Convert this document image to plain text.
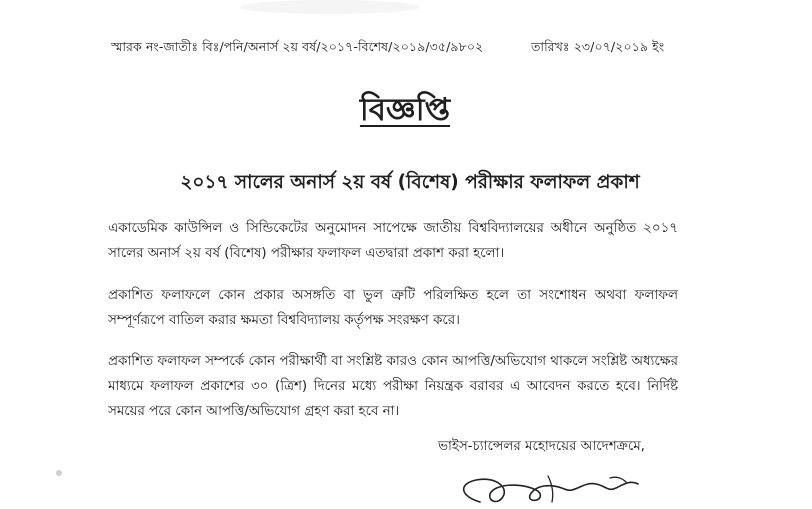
স্মারক নং-জাতীঃ বিঃ/পনি/অনার্স ২য় বর্ষ/২০১৭-বিশেষ/২০১৯/৩৫/৯৮০২	তারিখঃ ২৩/০৭/২০১৯ ইং
বিজ্ঞপ্তি
২০১৭ সালের অনার্স ২য় বর্ষ (বিশেষ) পরীক্ষার ফলাফল প্রকাশ
একাডেমিক কাউন্সিল ও সিন্ডিকেটের অনুমোদন সাপেক্ষে জাতীয় বিশ্ববিদ্যালয়ের অধীনে অনুষ্ঠিত ২০১৭ সালের অনার্স ২য় বর্ষ (বিশেষ) পরীক্ষার ফলাফল এতদ্বারা প্রকাশ করা হলো।
প্রকাশিত ফলাফলে কোন প্রকার অসঙ্গতি বা ভুল ত্রুটি পরিলক্ষিত হলে তা সংশোধন অথবা ফলাফল সম্পূর্ণরূপে বাতিল করার ক্ষমতা বিশ্ববিদ্যালয় কর্তৃপক্ষ সংরক্ষণ করে।
প্রকাশিত ফলাফল সম্পর্কে কোন পরীক্ষার্থী বা সংশ্লিষ্ট কারও কোন আপত্তি/অভিযোগ থাকলে সংশ্লিষ্ট অধ্যক্ষের মাধ্যমে ফলাফল প্রকাশের ৩০ (ত্রিশ) দিনের মধ্যে পরীক্ষা নিয়ন্ত্রক বরাবর এ আবেদন করতে হবে। নির্দিষ্ট সময়ের পরে কোন আপত্তি/অভিযোগ গ্রহণ করা হবে না।
ভাইস-চ্যান্সেলর মহোদয়ের আদেশক্রমে,
